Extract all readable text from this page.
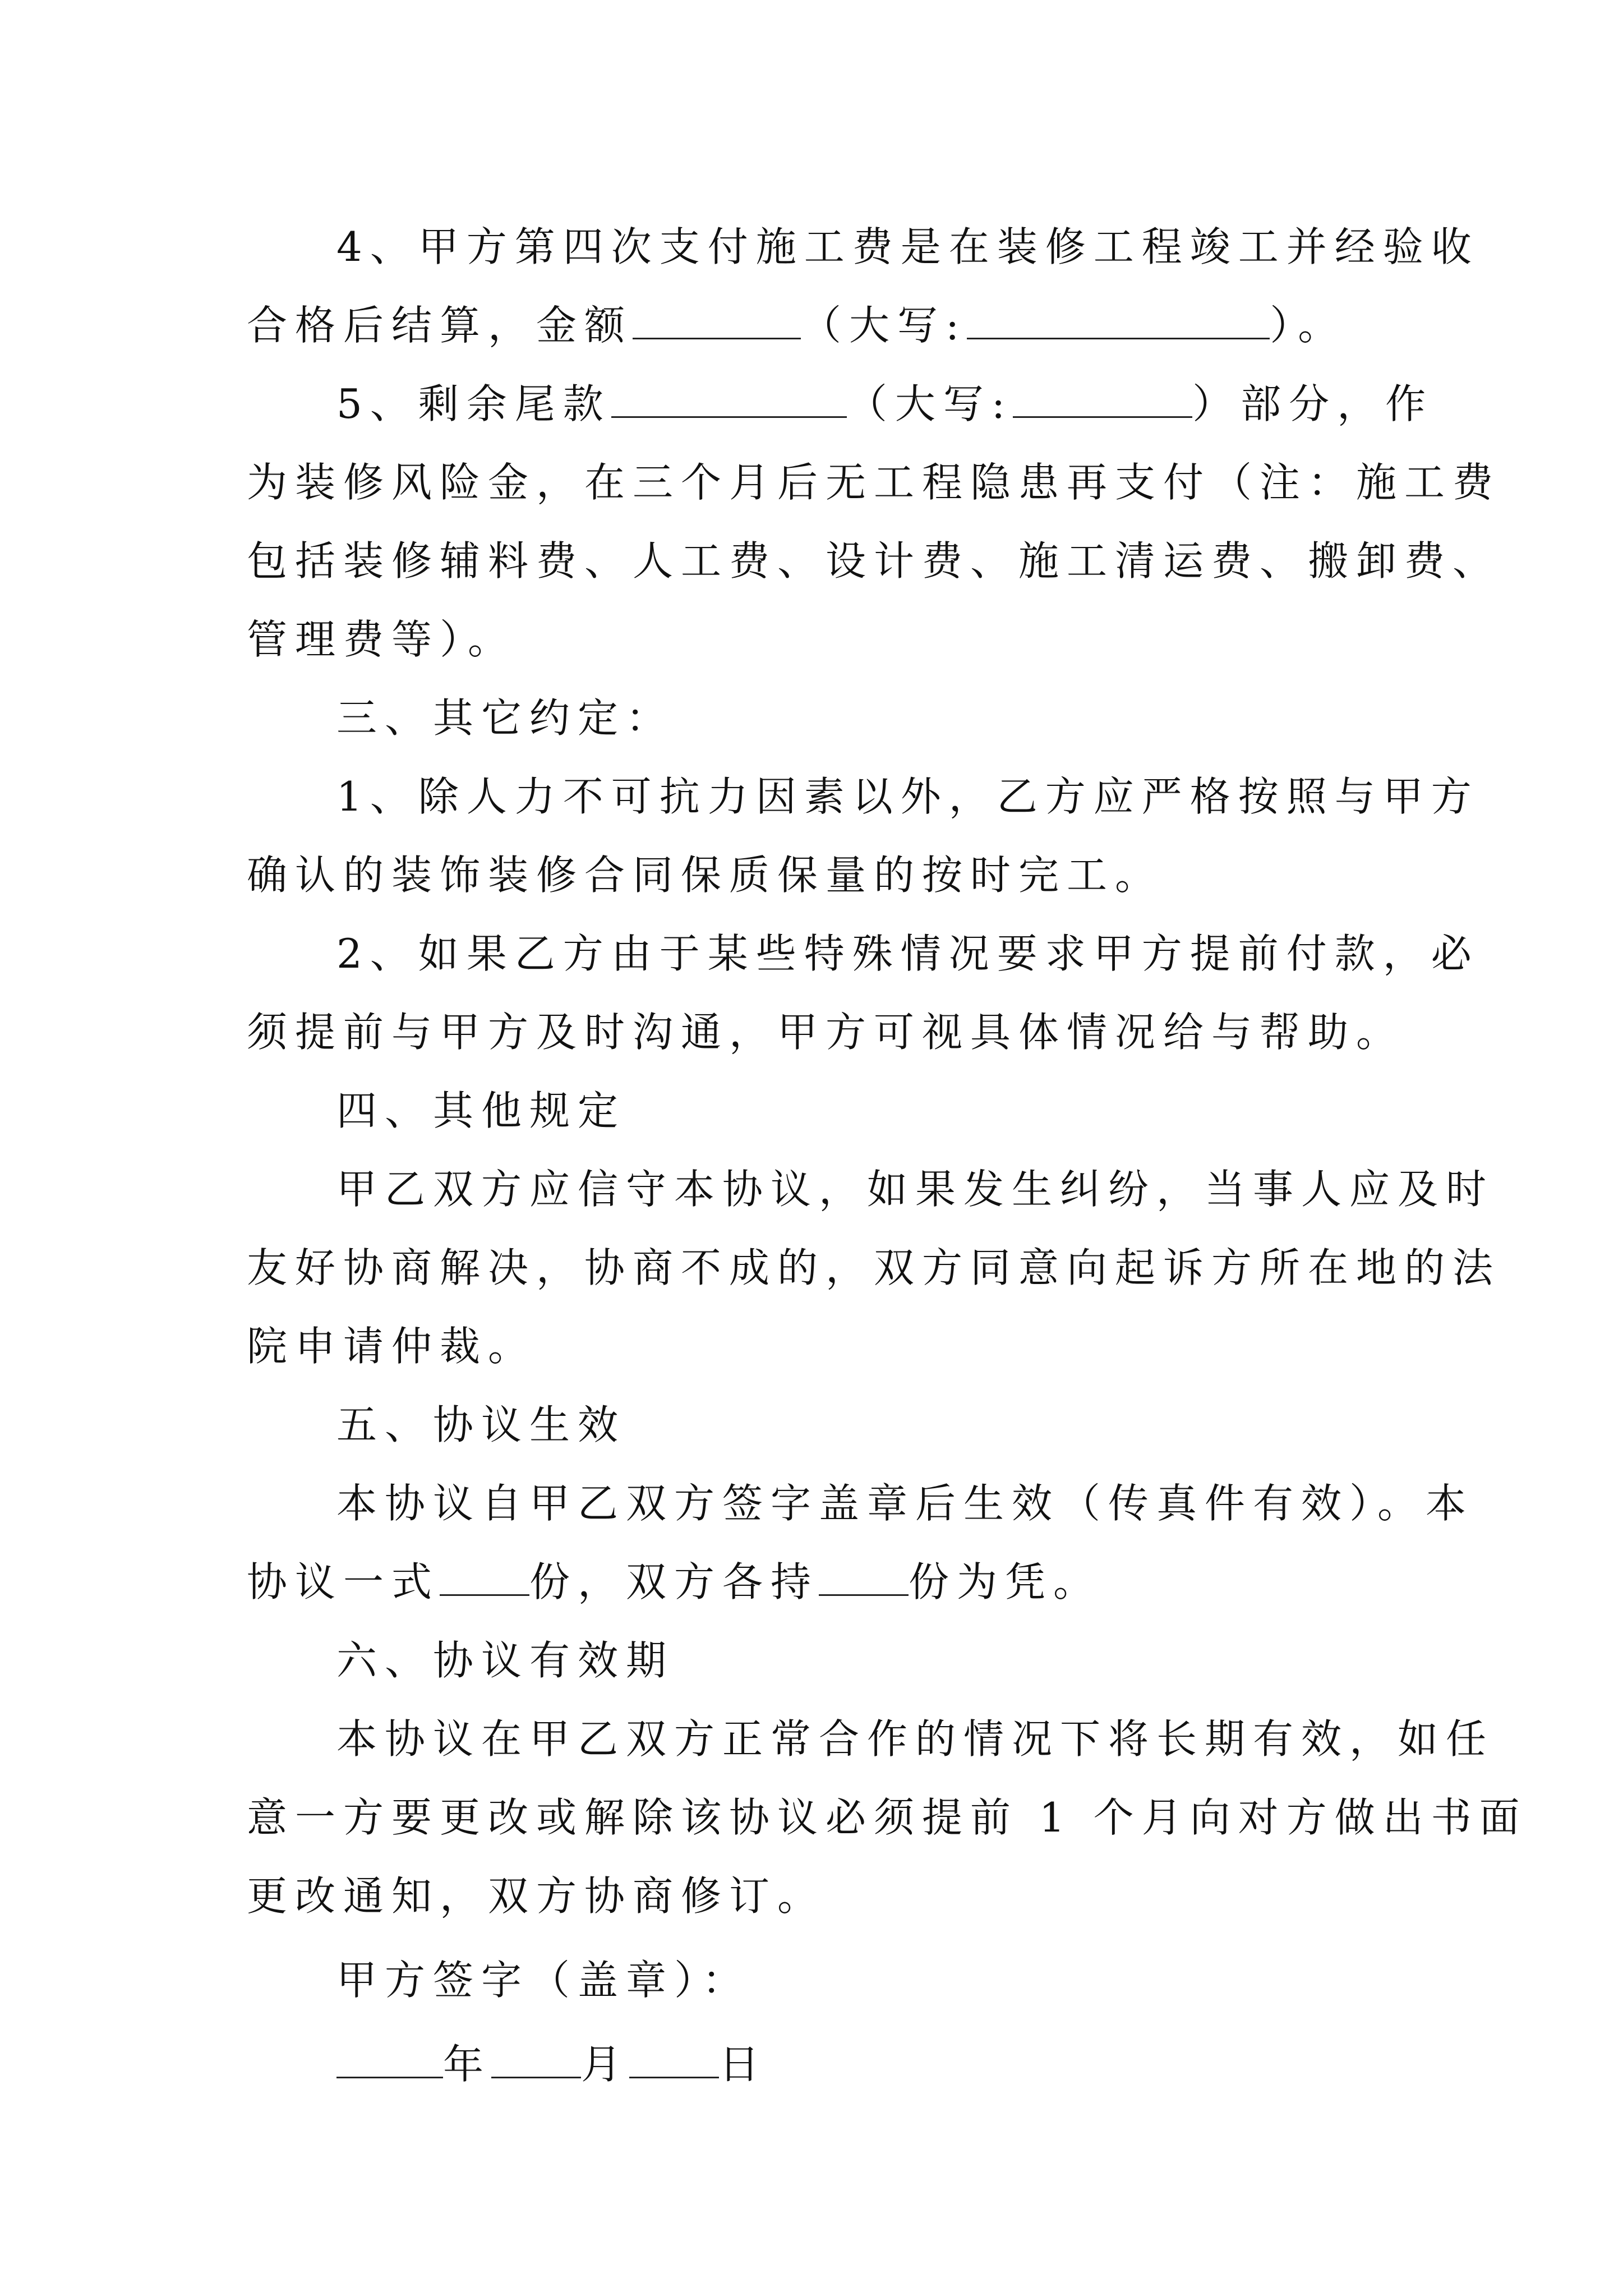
4、甲方第四次支付施工费是在装修工程竣工并经验收
合格后结算，金额	（大写:	）。
5、剩余尾款	（大写:	）部分，作
为装修风险金，在三个月后无工程隐患再支付（注：施工费
包括装修辅料费、人工费、设计费、施工清运费、搬卸费、
管理费等）。
三、其它约定：
1、除人力不可抗力因素以外，乙方应严格按照与甲方
确认的装饰装修合同保质保量的按时完工。
2、如果乙方由于某些特殊情况要求甲方提前付款，必
须提前与甲方及时沟通，甲方可视具体情况给与帮助。
四、其他规定
甲乙双方应信守本协议，如果发生纠纷，当事人应及时
友好协商解决，协商不成的，双方同意向起诉方所在地的法
院申请仲裁。
五、协议生效
本协议自甲乙双方签字盖章后生效（传真件有效）。本
协议一式 份，双方各持 份为凭。
六、协议有效期
本协议在甲乙双方正常合作的情况下将长期有效，如任
意一方要更改或解除该协议必须提前 1 个月向对方做出书面
更改通知，双方协商修订。
甲方签字（盖章）：
年 月 日
